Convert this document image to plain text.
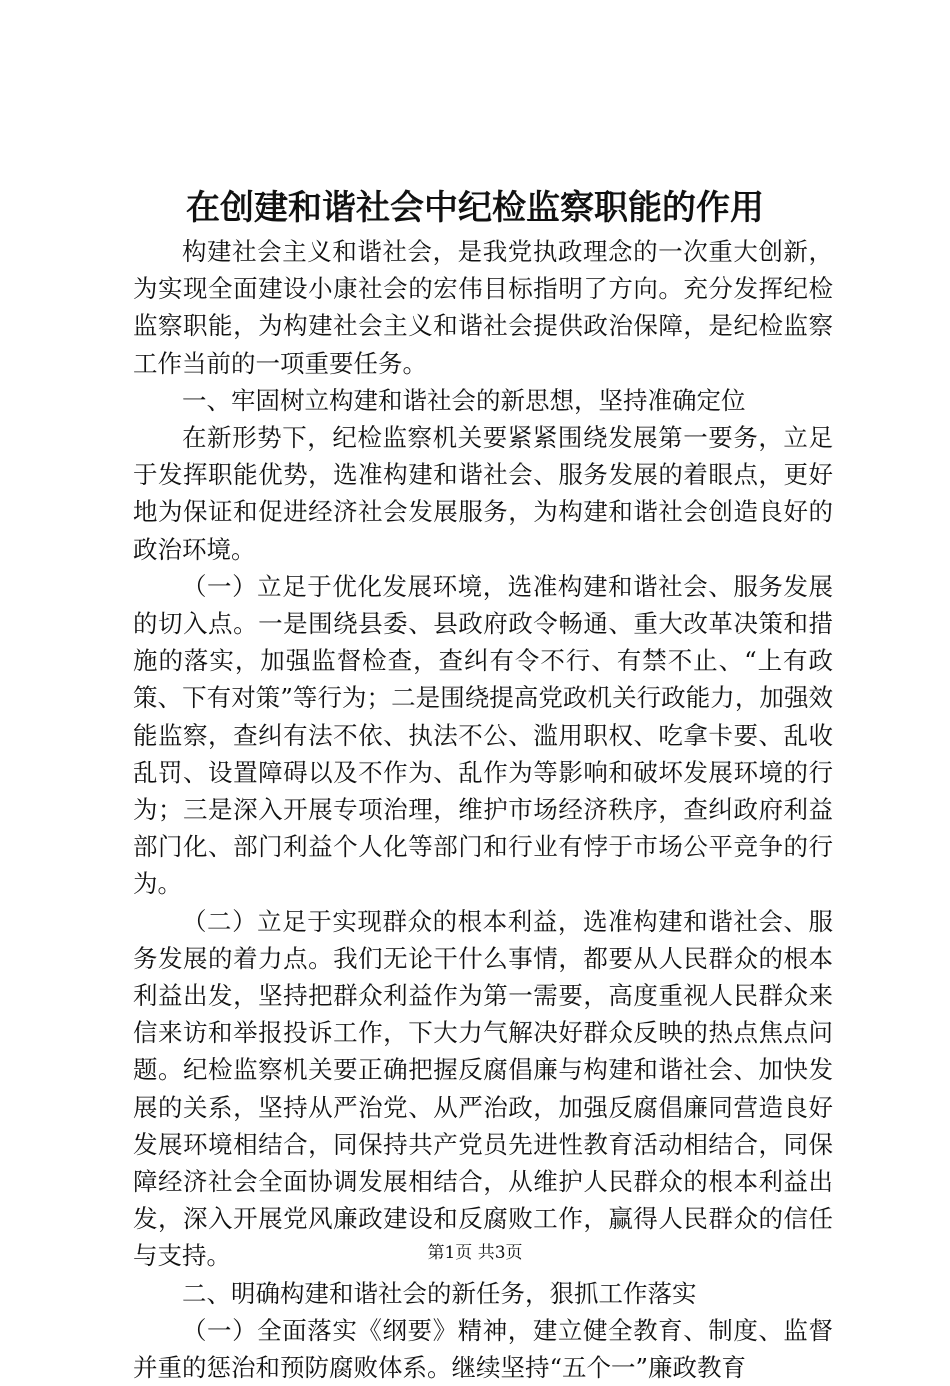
在创建和谐社会中纪检监察职能的作用

构建社会主义和谐社会，是我党执政理念的一次重大创新，为实现全面建设小康社会的宏伟目标指明了方向。充分发挥纪检监察职能，为构建社会主义和谐社会提供政治保障，是纪检监察工作当前的一项重要任务。

一、牢固树立构建和谐社会的新思想，坚持准确定位

在新形势下，纪检监察机关要紧紧围绕发展第一要务，立足于发挥职能优势，选准构建和谐社会、服务发展的着眼点，更好地为保证和促进经济社会发展服务，为构建和谐社会创造良好的政治环境。

（一）立足于优化发展环境，选准构建和谐社会、服务发展的切入点。一是围绕县委、县政府政令畅通、重大改革决策和措施的落实，加强监督检查，查纠有令不行、有禁不止、“上有政策、下有对策”等行为；二是围绕提高党政机关行政能力，加强效能监察，查纠有法不依、执法不公、滥用职权、吃拿卡要、乱收乱罚、设置障碍以及不作为、乱作为等影响和破坏发展环境的行为；三是深入开展专项治理，维护市场经济秩序，查纠政府利益部门化、部门利益个人化等部门和行业有悖于市场公平竞争的行为。

（二）立足于实现群众的根本利益，选准构建和谐社会、服务发展的着力点。我们无论干什么事情，都要从人民群众的根本利益出发，坚持把群众利益作为第一需要，高度重视人民群众来信来访和举报投诉工作，下大力气解决好群众反映的热点焦点问题。纪检监察机关要正确把握反腐倡廉与构建和谐社会、加快发展的关系，坚持从严治党、从严治政，加强反腐倡廉同营造良好发展环境相结合，同保持共产党员先进性教育活动相结合，同保障经济社会全面协调发展相结合，从维护人民群众的根本利益出发，深入开展党风廉政建设和反腐败工作，赢得人民群众的信任与支持。

二、明确构建和谐社会的新任务，狠抓工作落实

（一）全面落实《纲要》精神，建立健全教育、制度、监督并重的惩治和预防腐败体系。继续坚持“五个一”廉政教育

第1页 共3页
